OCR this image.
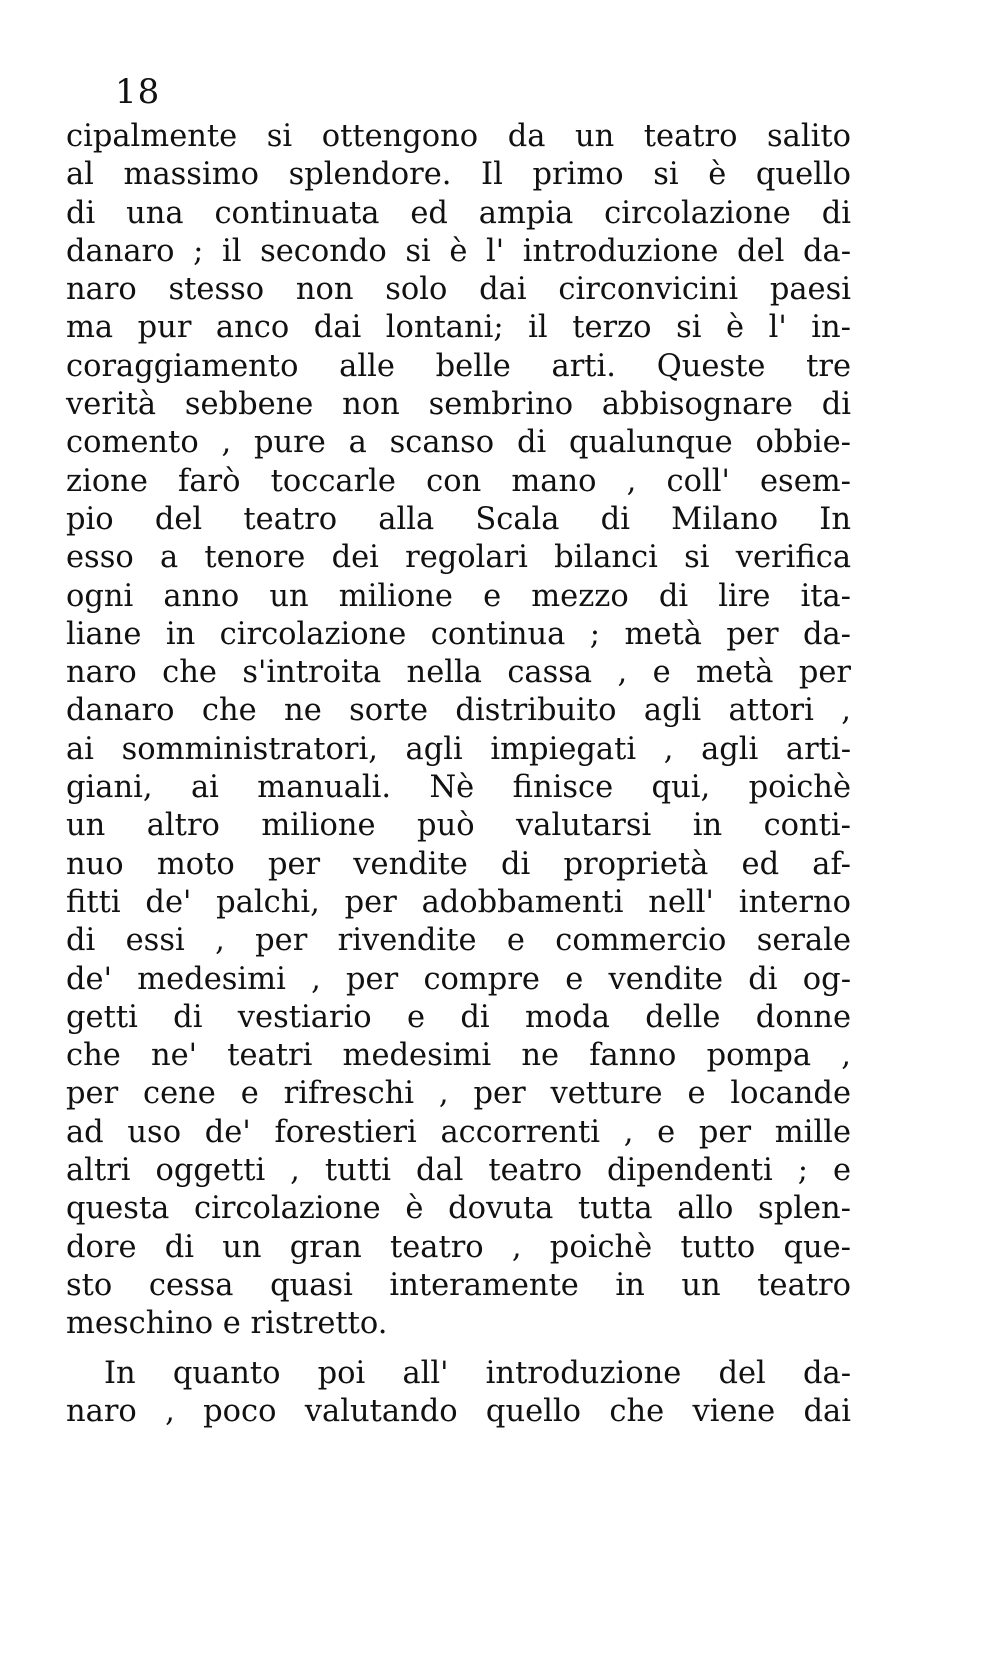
18
cipalmente si ottengono da un teatro salito
al massimo splendore. Il primo si è quello
di una continuata ed ampia circolazione di
danaro ; il secondo si è l' introduzione del da-
naro stesso non solo dai circonvicini paesi
ma pur anco dai lontani; il terzo si è l' in-
coraggiamento alle belle arti. Queste tre
verità sebbene non sembrino abbisognare di
comento , pure a scanso di qualunque obbie-
zione farò toccarle con mano , coll' esem-
pio del teatro alla Scala di Milano In
esso a tenore dei regolari bilanci si verifica
ogni anno un milione e mezzo di lire ita-
liane in circolazione continua ; metà per da-
naro che s'introita nella cassa , e metà per
danaro che ne sorte distribuito agli attori ,
ai somministratori, agli impiegati , agli arti-
giani, ai manuali. Nè finisce qui, poichè
un altro milione può valutarsi in conti-
nuo moto per vendite di proprietà ed af-
fitti de' palchi, per adobbamenti nell' interno
di essi , per rivendite e commercio serale
de' medesimi , per compre e vendite di og-
getti di vestiario e di moda delle donne
che ne' teatri medesimi ne fanno pompa ,
per cene e rifreschi , per vetture e locande
ad uso de' forestieri accorrenti , e per mille
altri oggetti , tutti dal teatro dipendenti ; e
questa circolazione è dovuta tutta allo splen-
dore di un gran teatro , poichè tutto que-
sto cessa quasi interamente in un teatro
meschino e ristretto.
In quanto poi all' introduzione del da-
naro , poco valutando quello che viene dai
